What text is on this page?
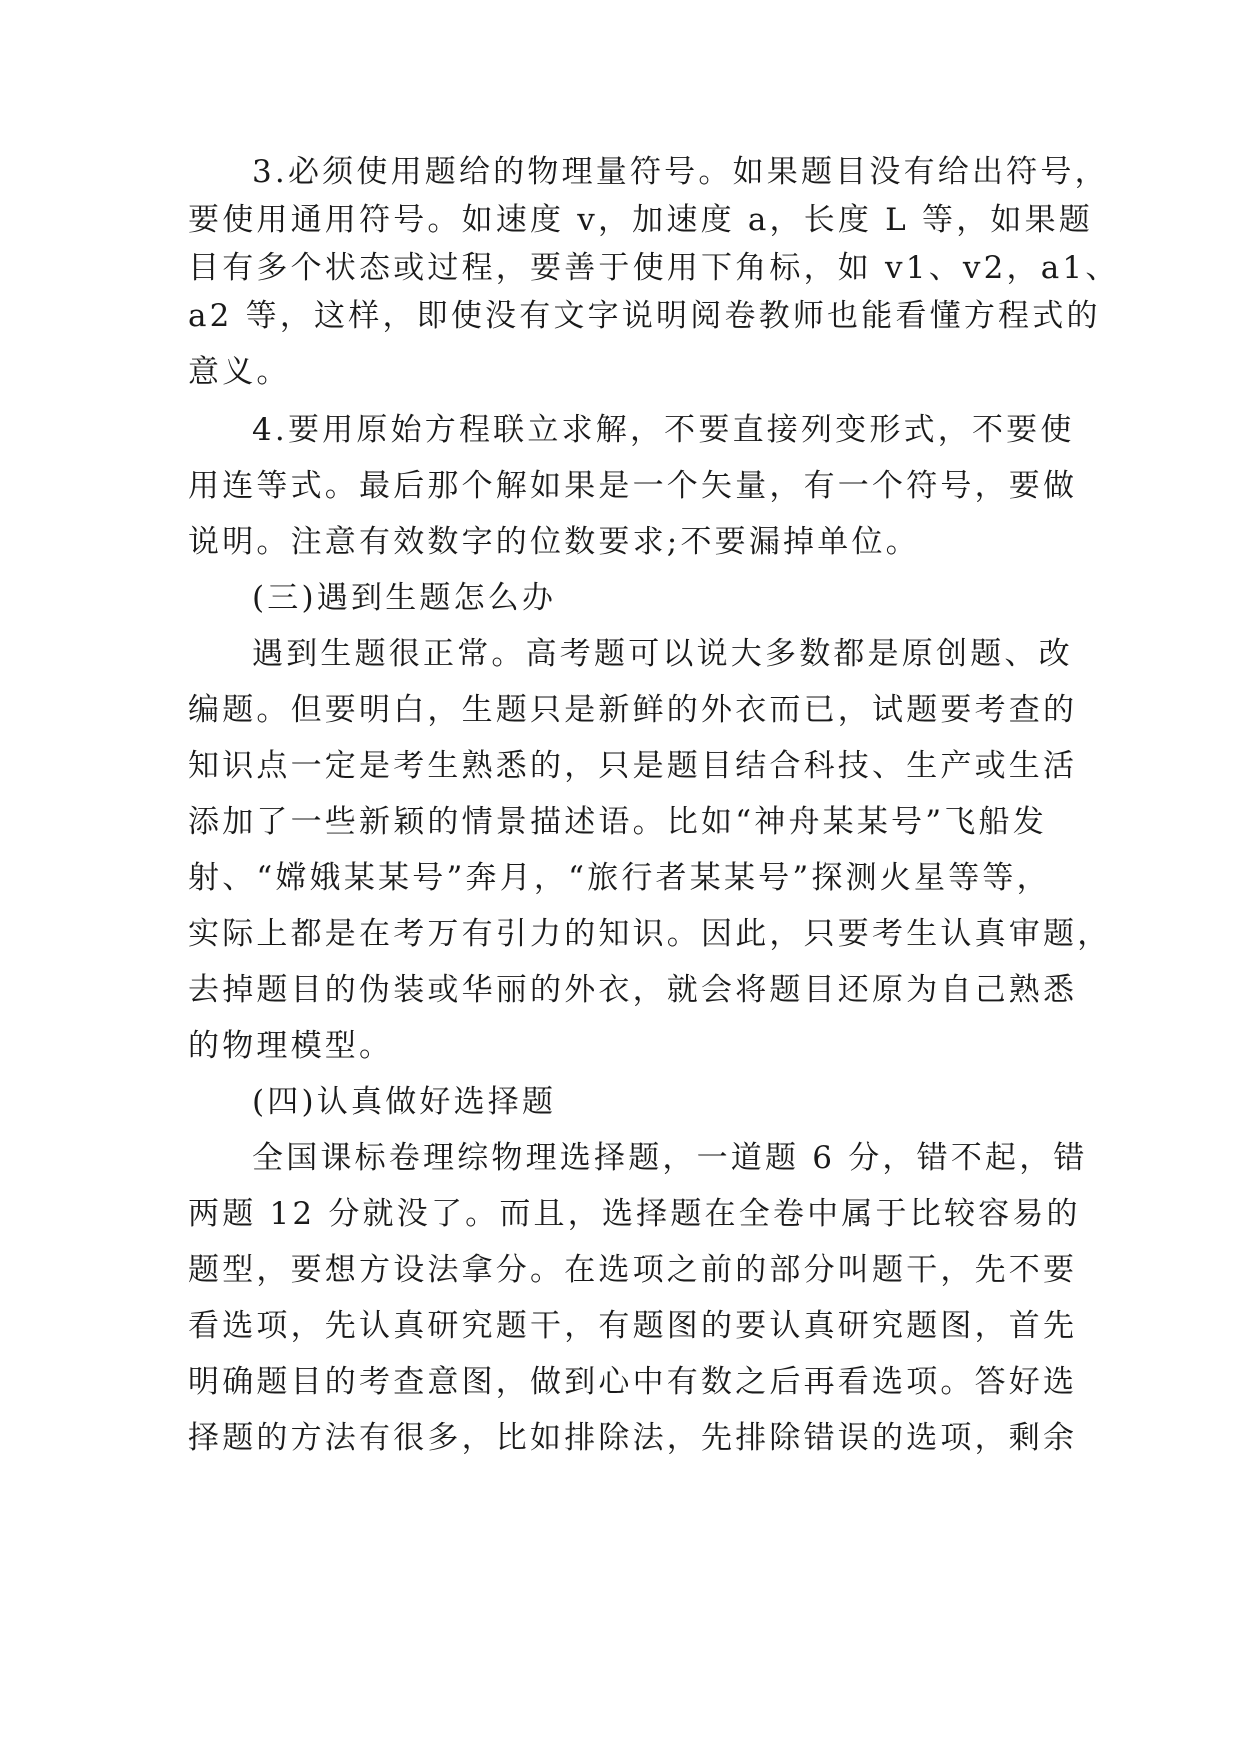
3.必须使用题给的物理量符号。如果题目没有给出符号，
要使用通用符号。如速度 v，加速度 a，长度 L 等，如果题
目有多个状态或过程，要善于使用下角标，如 v1、v2，a1、
a2 等，这样，即使没有文字说明阅卷教师也能看懂方程式的
意义。
4.要用原始方程联立求解，不要直接列变形式，不要使
用连等式。最后那个解如果是一个矢量，有一个符号，要做
说明。注意有效数字的位数要求;不要漏掉单位。
(三)遇到生题怎么办
遇到生题很正常。高考题可以说大多数都是原创题、改
编题。但要明白，生题只是新鲜的外衣而已，试题要考查的
知识点一定是考生熟悉的，只是题目结合科技、生产或生活
添加了一些新颖的情景描述语。比如“神舟某某号”飞船发
射、“嫦娥某某号”奔月，“旅行者某某号”探测火星等等，
实际上都是在考万有引力的知识。因此，只要考生认真审题，
去掉题目的伪装或华丽的外衣，就会将题目还原为自己熟悉
的物理模型。
(四)认真做好选择题
全国课标卷理综物理选择题，一道题 6 分，错不起，错
两题 12 分就没了。而且，选择题在全卷中属于比较容易的
题型，要想方设法拿分。在选项之前的部分叫题干，先不要
看选项，先认真研究题干，有题图的要认真研究题图，首先
明确题目的考查意图，做到心中有数之后再看选项。答好选
择题的方法有很多，比如排除法，先排除错误的选项，剩余
